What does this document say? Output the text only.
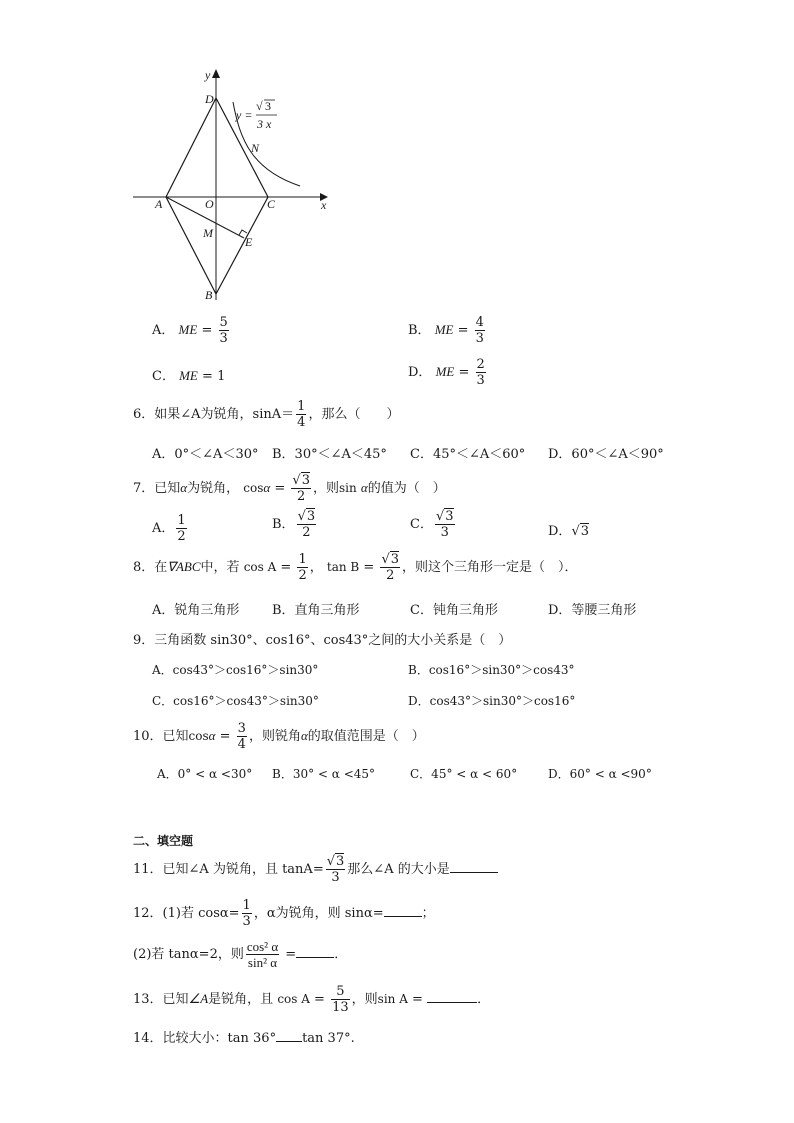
y
x
D
A	O	C
B
M
E
N
y =
√ 3
3 x
A． ME = $\frac{5}{3}$	B． ME = $\frac{4}{3}$
C． ME = 1	D． ME = $\frac{2}{3}$
6．如果∠A为锐角，$\sin A= \frac{1}{4}$ ，那么（　　）
A．0°＜∠A＜30° B．30°＜∠A＜45° C．45°＜∠A＜60° D．60°＜∠A＜90°
7．已知α为锐角， $\cos\alpha = \frac{√3}{2}$ ，则sin α的值为（　）
A． $\frac{1}{2}$	B． $\frac{√3}{2}$	C． $\frac{√3}{3}$	D．√3
8．在∇ABC中，若 $\cos A = \frac{1}{2}$ ， $\tan B = \frac{√3}{2}$ ，则这个三角形一定是（　）．
A．锐角三角形	B．直角三角形	C．钝角三角形	D．等腰三角形
9．三角函数 sin30°、cos16°、cos43°之间的大小关系是（　）
A．cos43°＞cos16°＞sin30°	B．cos16°＞sin30°＞cos43°
C．cos16°＞cos43°＞sin30°	D．cos43°＞sin30°＞cos16°
10．已知$\cos\alpha = \frac{3}{4}$ ，则锐角α的取值范围是（　）
A．0° < α <30° B．30° < α <45°	C．45° < α < 60°	D．60° < α <90°
二、填空题
11．已知∠A 为锐角，且 $\tan A= \frac{√3}{3}$ 那么∠A 的大小是
12．(1)若 $\cos\alpha= \frac{1}{3}$ ，α为锐角，则 sinα=	；
(2)若 tanα=2，则 $\frac{\text{cos² α}}{\text{sin² α}}$ =	．
13．已知∠A是锐角，且 $\cos A = \frac{5}{13}$ ，则sin A =	．
14．比较大小：tan 36° tan 37°.
